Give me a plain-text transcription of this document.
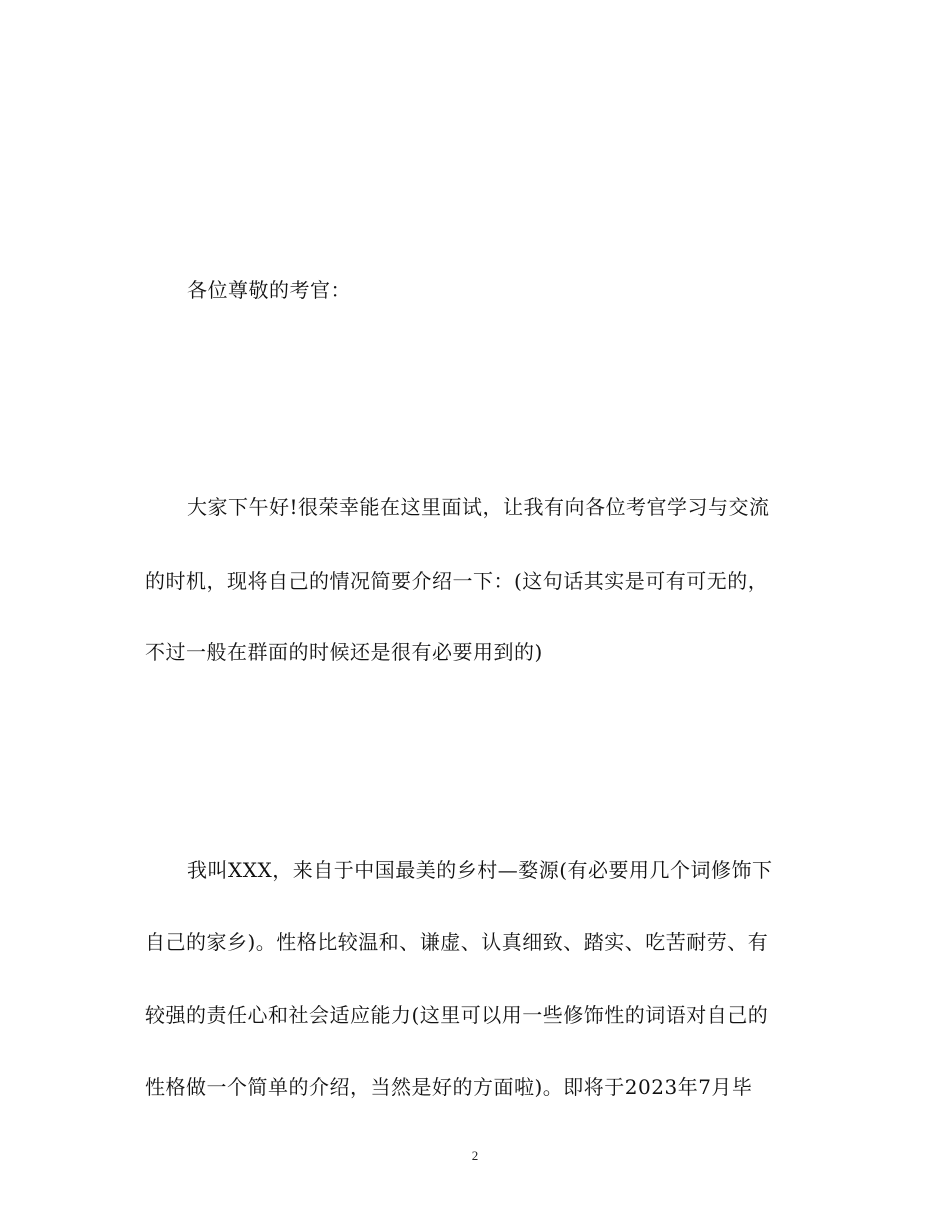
各位尊敬的考官：
大家下午好!很荣幸能在这里面试，让我有向各位考官学习与交流
的时机，现将自己的情况简要介绍一下：(这句话其实是可有可无的，
不过一般在群面的时候还是很有必要用到的)
我叫XXX，来自于中国最美的乡村—婺源(有必要用几个词修饰下
自己的家乡)。性格比较温和、谦虚、认真细致、踏实、吃苦耐劳、有
较强的责任心和社会适应能力(这里可以用一些修饰性的词语对自己的
性格做一个简单的介绍，当然是好的方面啦)。即将于2023年7月毕
2
